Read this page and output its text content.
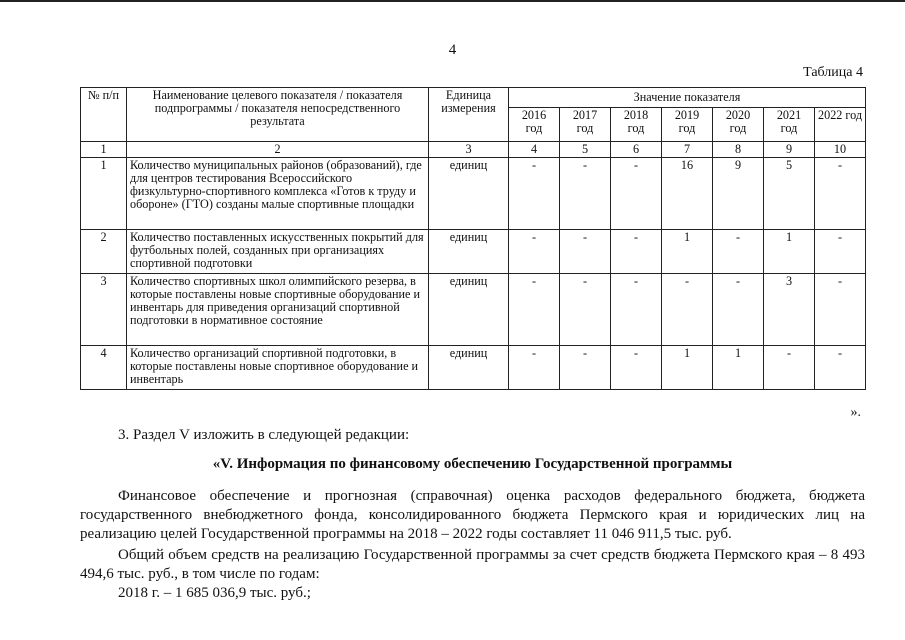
4
Таблица 4
№ п/п	Наименование целевого показателя / показателя подпрограммы / показателя непосредственного результата	Единица измерения	Значение показателя						
			2016 год	2017 год	2018 год	2019 год	2020 год	2021 год	2022 год
1	2	3	4	5	6	7	8	9	10
1	Количество муниципальных районов (образований), где для центров тестирования Всероссийского физкультурно-спортивного комплекса «Готов к труду и обороне» (ГТО) созданы малые спортивные площадки	единиц	-	-	-	16	9	5	-
2	Количество поставленных искусственных покрытий для футбольных полей, созданных при организациях спортивной подготовки	единиц	-	-	-	1	-	1	-
3	Количество спортивных школ олимпийского резерва, в которые поставлены новые спортивные оборудование и инвентарь для приведения организаций спортивной подготовки в нормативное состояние	единиц	-	-	-	-	-	3	-
4	Количество организаций спортивной подготовки, в которые поставлены новые спортивное оборудование и инвентарь	единиц	-	-	-	1	1	-	-
».
3. Раздел V изложить в следующей редакции:
«V. Информация по финансовому обеспечению Государственной программы
Финансовое обеспечение и прогнозная (справочная) оценка расходов федерального бюджета, бюджета государственного внебюджетного фонда, консолидированного бюджета Пермского края и юридических лиц на реализацию целей Государственной программы на 2018 – 2022 годы составляет 11 046 911,5 тыс. руб.
Общий объем средств на реализацию Государственной программы за счет средств бюджета Пермского края – 8 493 494,6 тыс. руб., в том числе по годам:
2018 г. – 1 685 036,9 тыс. руб.;
